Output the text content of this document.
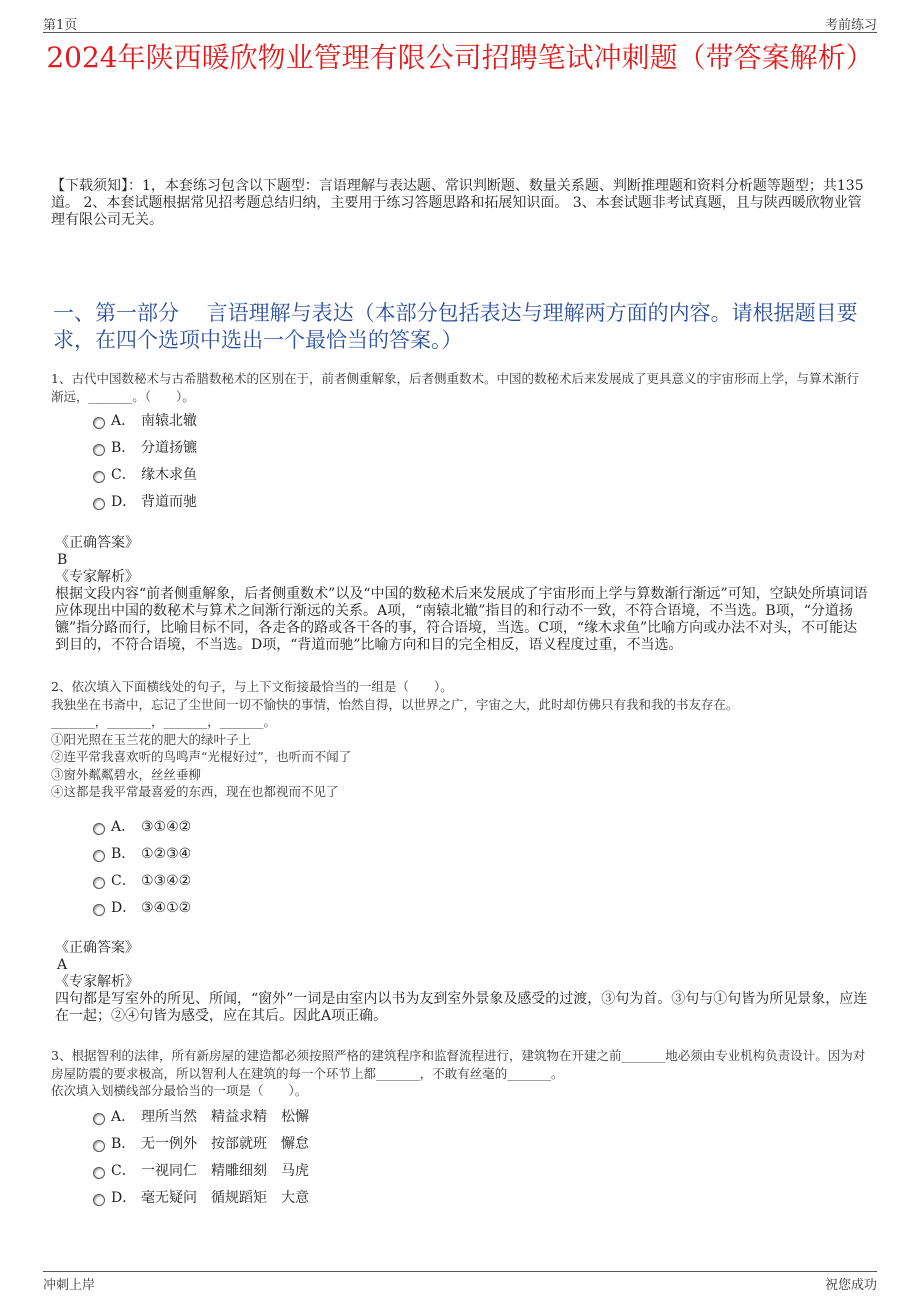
第1页	考前练习
2024年陕西暖欣物业管理有限公司招聘笔试冲刺题（带答案解析）
【下载须知】：1，本套练习包含以下题型：言语理解与表达题、常识判断题、数量关系题、判断推理题和资料分析题等题型；共135道。 2、本套试题根据常见招考题总结归纳，主要用于练习答题思路和拓展知识面。 3、本套试题非考试真题，且与陕西暖欣物业管理有限公司无关。
一、第一部分　 言语理解与表达（本部分包括表达与理解两方面的内容。请根据题目要求，在四个选项中选出一个最恰当的答案。）
1、古代中国数秘术与古希腊数秘术的区别在于，前者侧重解象，后者侧重数术。中国的数秘术后来发展成了更具意义的宇宙形而上学，与算术渐行渐远，_______。（　　）。
A． 南辕北辙
B． 分道扬镳
C． 缘木求鱼
D． 背道而驰
《正确答案》
B
《专家解析》
根据文段内容“前者侧重解象，后者侧重数术”以及“中国的数秘术后来发展成了宇宙形而上学与算数渐行渐远”可知，空缺处所填词语应体现出中国的数秘术与算术之间渐行渐远的关系。A项，“南辕北辙”指目的和行动不一致，不符合语境，不当选。B项，“分道扬镳”指分路而行，比喻目标不同，各走各的路或各干各的事，符合语境，当选。C项，“缘木求鱼”比喻方向或办法不对头，不可能达到目的，不符合语境，不当选。D项，“背道而驰”比喻方向和目的完全相反，语义程度过重，不当选。
2、依次填入下面横线处的句子，与上下文衔接最恰当的一组是（　　）。
我独坐在书斋中，忘记了尘世间一切不愉快的事情，怡然自得，以世界之广，宇宙之大，此时却仿佛只有我和我的书友存在。
_______，_______，_______，_______。
①阳光照在玉兰花的肥大的绿叶子上
②连平常我喜欢听的鸟鸣声“光棍好过”，也听而不闻了
③窗外粼粼碧水，丝丝垂柳
④这都是我平常最喜爱的东西，现在也都视而不见了
A． ③①④②
B． ①②③④
C． ①③④②
D． ③④①②
《正确答案》
A
《专家解析》
四句都是写室外的所见、所闻，“窗外”一词是由室内以书为友到室外景象及感受的过渡，③句为首。③句与①句皆为所见景象，应连在一起；②④句皆为感受，应在其后。因此A项正确。
3、根据智利的法律，所有新房屋的建造都必须按照严格的建筑程序和监督流程进行，建筑物在开建之前_______地必须由专业机构负责设计。因为对房屋防震的要求极高，所以智利人在建筑的每一个环节上都_______，不敢有丝毫的_______。
依次填入划横线部分最恰当的一项是（　　）。
A． 理所当然　精益求精　松懈
B． 无一例外　按部就班　懈怠
C． 一视同仁　精雕细刻　马虎
D． 毫无疑问　循规蹈矩　大意
冲刺上岸	祝您成功
